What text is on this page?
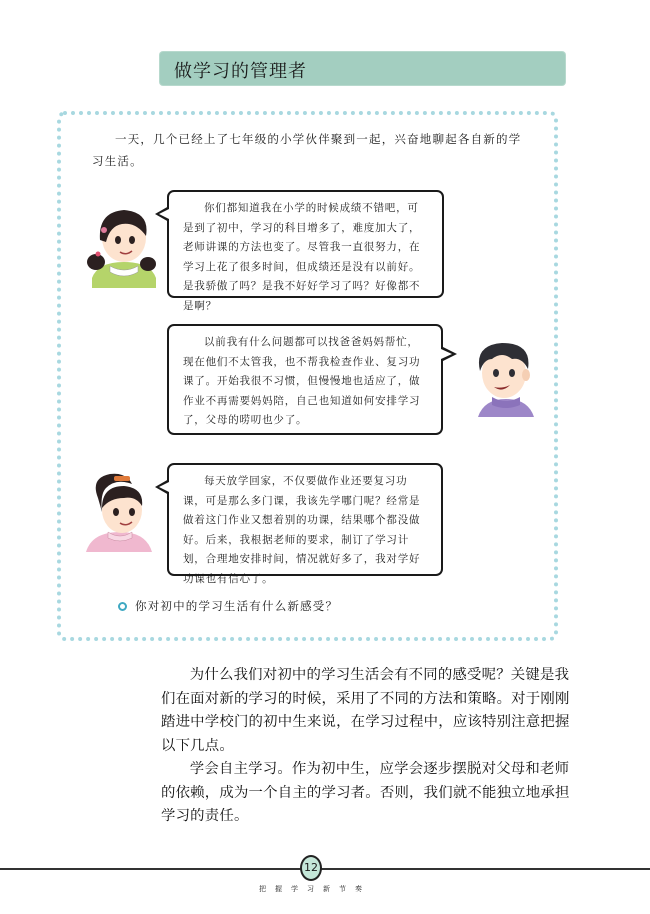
做学习的管理者
一天，几个已经上了七年级的小学伙伴聚到一起，兴奋地聊起各自新的学习生活。
你们都知道我在小学的时候成绩不错吧，可是到了初中，学习的科目增多了，难度加大了，老师讲课的方法也变了。尽管我一直很努力，在学习上花了很多时间，但成绩还是没有以前好。是我骄傲了吗？是我不好好学习了吗？好像都不是啊？
以前我有什么问题都可以找爸爸妈妈帮忙，现在他们不太管我，也不帮我检查作业、复习功课了。开始我很不习惯，但慢慢地也适应了，做作业不再需要妈妈陪，自己也知道如何安排学习了，父母的唠叨也少了。
每天放学回家，不仅要做作业还要复习功课，可是那么多门课，我该先学哪门呢？经常是做着这门作业又想着别的功课，结果哪个都没做好。后来，我根据老师的要求，制订了学习计划，合理地安排时间，情况就好多了，我对学好功课也有信心了。
你对初中的学习生活有什么新感受？

为什么我们对初中的学习生活会有不同的感受呢？关键是我们在面对新的学习的时候，采用了不同的方法和策略。对于刚刚踏进中学校门的初中生来说，在学习过程中，应该特别注意把握以下几点。

学会自主学习。作为初中生，应学会逐步摆脱对父母和老师的依赖，成为一个自主的学习者。否则，我们就不能独立地承担学习的责任。

12
把握学习新节奏
